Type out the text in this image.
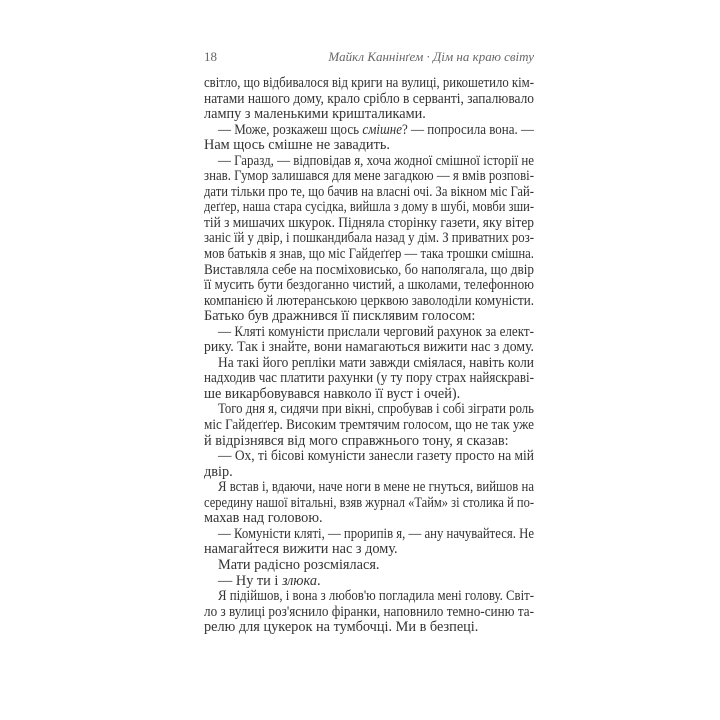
18	Майкл Каннінґем · Дім на краю світу
світло, що відбивалося від криги на вулиці, рикошетило кім-
натами нашого дому, крало срібло в серванті, запалювало
лампу з маленькими кришталиками.
— Може, розкажеш щось смішне? — попросила вона. —
Нам щось смішне не завадить.
— Гаразд, — відповідав я, хоча жодної смішної історії не
знав. Гумор залишався для мене загадкою — я вмів розпові-
дати тільки про те, що бачив на власні очі. За вікном міс Гай-
деґґер, наша стара сусідка, вийшла з дому в шубі, мовби зши-
тій з мишачих шкурок. Підняла сторінку газети, яку вітер
заніс їй у двір, і пошкандибала назад у дім. З приватних роз-
мов батьків я знав, що міс Гайдеґґер — така трошки смішна.
Виставляла себе на посміховисько, бо наполягала, що двір
її мусить бути бездоганно чистий, а школами, телефонною
компанією й лютеранською церквою заволоділи комуністи.
Батько був дражнився її писклявим голосом:
— Кляті комуністи прислали черговий рахунок за елект-
рику. Так і знайте, вони намагаються вижити нас з дому.
На такі його репліки мати завжди сміялася, навіть коли
надходив час платити рахунки (у ту пору страх найяскраві-
ше викарбовувався навколо її вуст і очей).
Того дня я, сидячи при вікні, спробував і собі зіграти роль
міс Гайдеґґер. Високим тремтячим голосом, що не так уже
й відрізнявся від мого справжнього тону, я сказав:
— Ох, ті бісові комуністи занесли газету просто на мій
двір.
Я встав і, вдаючи, наче ноги в мене не гнуться, вийшов на
середину нашої вітальні, взяв журнал «Тайм» зі столика й по-
махав над головою.
— Комуністи кляті, — прорипів я, — ану начувайтеся. Не
намагайтеся вижити нас з дому.
Мати радісно розсміялася.
— Ну ти і злюка.
Я підійшов, і вона з любов'ю погладила мені голову. Світ-
ло з вулиці роз'яснило фіранки, наповнило темно-синю та-
релю для цукерок на тумбочці. Ми в безпеці.
